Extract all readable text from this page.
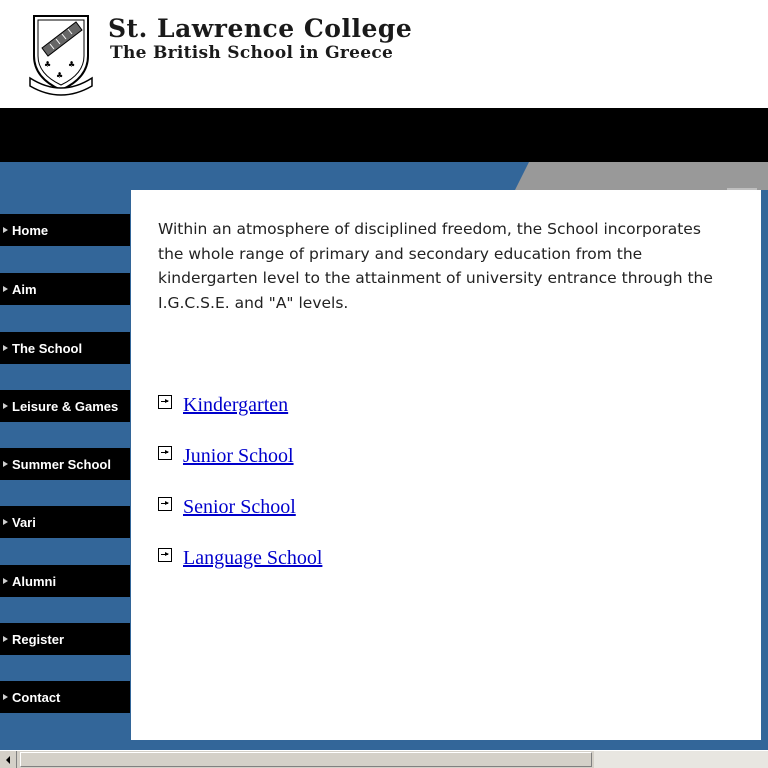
♣ ♣
♣
St. Lawrence College
The British School in Greece
Home
Aim
The School
Leisure & Games
Summer School
Vari
Alumni
Register
Contact
Within an atmosphere of disciplined freedom, the School incorporates the whole range of primary and secondary education from the kindergarten level to the attainment of university entrance through the I.G.C.S.E. and "A" levels.
Kindergarten
Junior School
Senior School
Language School
